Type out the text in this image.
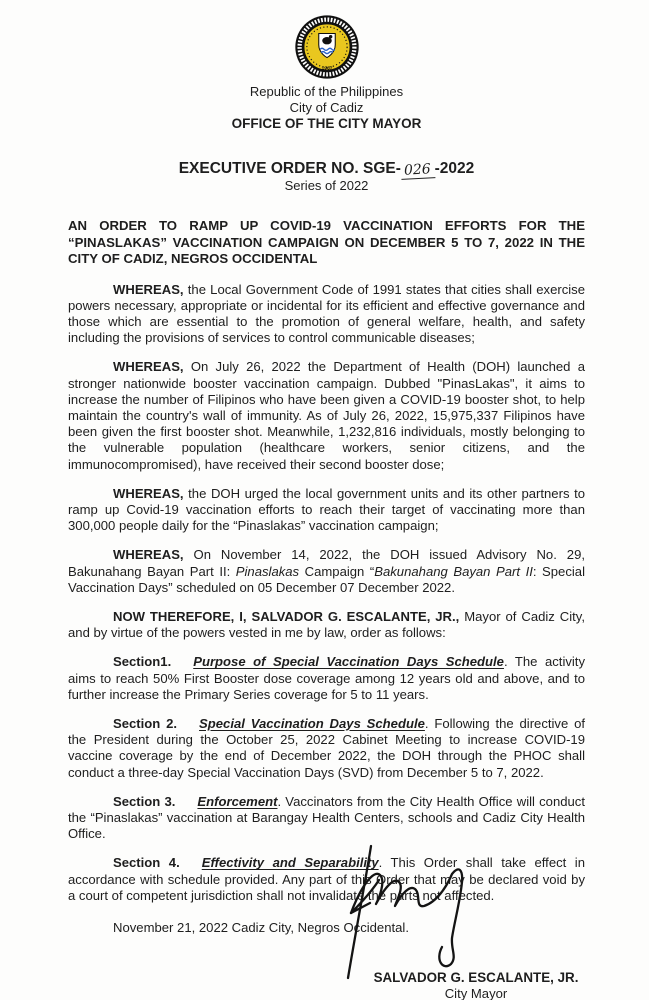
1967
Republic of the Philippines
City of Cadiz
OFFICE OF THE CITY MAYOR
EXECUTIVE ORDER NO. SGE- 026 -2022
Series of 2022

AN ORDER TO RAMP UP COVID-19 VACCINATION EFFORTS FOR THE “PINASLAKAS” VACCINATION CAMPAIGN ON DECEMBER 5 TO 7, 2022 IN THE CITY OF CADIZ, NEGROS OCCIDENTAL

WHEREAS, the Local Government Code of 1991 states that cities shall exercise powers necessary, appropriate or incidental for its efficient and effective governance and those which are essential to the promotion of general welfare, health, and safety including the provisions of services to control communicable diseases;

WHEREAS, On July 26, 2022 the Department of Health (DOH) launched a stronger nationwide booster vaccination campaign. Dubbed "PinasLakas", it aims to increase the number of Filipinos who have been given a COVID-19 booster shot, to help maintain the country's wall of immunity. As of July 26, 2022, 15,975,337 Filipinos have been given the first booster shot. Meanwhile, 1,232,816 individuals, mostly belonging to the vulnerable population (healthcare workers, senior citizens, and the immunocompromised), have received their second booster dose;

WHEREAS, the DOH urged the local government units and its other partners to ramp up Covid-19 vaccination efforts to reach their target of vaccinating more than 300,000 people daily for the “Pinaslakas” vaccination campaign;

WHEREAS, On November 14, 2022, the DOH issued Advisory No. 29, Bakunahang Bayan Part II: Pinaslakas Campaign “Bakunahang Bayan Part II: Special Vaccination Days” scheduled on 05 December 07 December 2022.

NOW THEREFORE, I, SALVADOR G. ESCALANTE, JR., Mayor of Cadiz City, and by virtue of the powers vested in me by law, order as follows:

Section1. Purpose of Special Vaccination Days Schedule. The activity aims to reach 50% First Booster dose coverage among 12 years old and above, and to further increase the Primary Series coverage for 5 to 11 years.

Section 2. Special Vaccination Days Schedule. Following the directive of the President during the October 25, 2022 Cabinet Meeting to increase COVID-19 vaccine coverage by the end of December 2022, the DOH through the PHOC shall conduct a three-day Special Vaccination Days (SVD) from December 5 to 7, 2022.

Section 3. Enforcement. Vaccinators from the City Health Office will conduct the “Pinaslakas” vaccination at Barangay Health Centers, schools and Cadiz City Health Office.

Section 4. Effectivity and Separability. This Order shall take effect in accordance with schedule provided. Any part of this Order that may be declared void by a court of competent jurisdiction shall not invalidate the parts not affected.

November 21, 2022 Cadiz City, Negros Occidental.

SALVADOR G. ESCALANTE, JR.
City Mayor
